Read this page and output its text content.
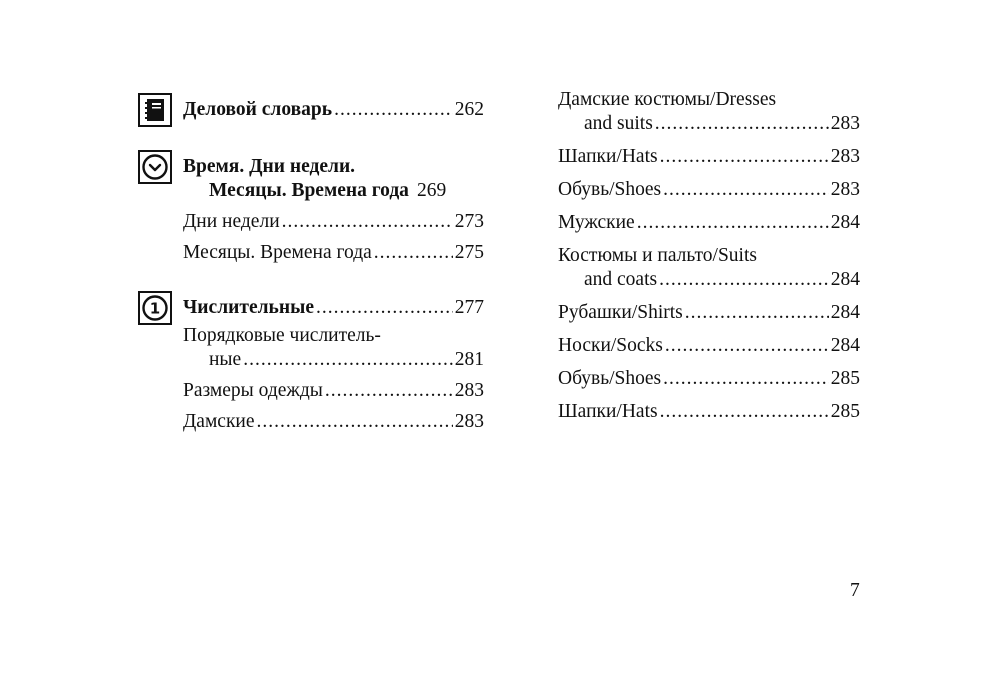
Деловой словарь .....	262
Время. Дни недели.
Месяцы. Времена года 269
Дни недели .....	273
Месяцы. Времена года .....	275
1 Числительные .....	277
Порядковые числитель-
ные .....	281
Размеры одежды .....	283
Дамские .....	283
Дамские костюмы/Dresses
and suits .....	283
Шапки/Hats .....	283
Обувь/Shoes .....	283
Мужские .....	284
Костюмы и пальто/Suits
and coats .....	284
Рубашки/Shirts .....	284
Носки/Socks .....	284
Обувь/Shoes .....	285
Шапки/Hats .....	285
7
